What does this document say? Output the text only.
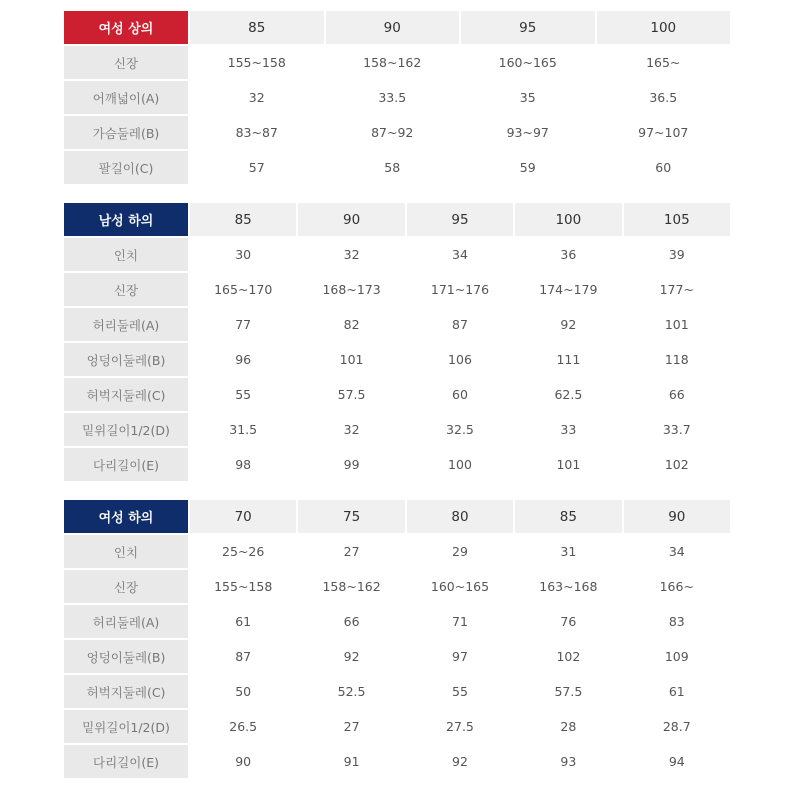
여성 상의	85	90	95	100
신장	155~158	158~162	160~165	165~
어깨넓이(A)	32	33.5	35	36.5
가슴둘레(B)	83~87	87~92	93~97	97~107
팔길이(C)	57	58	59	60
남성 하의	85	90	95	100	105
인치	30	32	34	36	39
신장	165~170	168~173	171~176	174~179	177~
허리둘레(A)	77	82	87	92	101
엉덩이둘레(B)	96	101	106	111	118
허벅지둘레(C)	55	57.5	60	62.5	66
밑위길이1/2(D)	31.5	32	32.5	33	33.7
다리길이(E)	98	99	100	101	102
여성 하의	70	75	80	85	90
인치	25~26	27	29	31	34
신장	155~158	158~162	160~165	163~168	166~
허리둘레(A)	61	66	71	76	83
엉덩이둘레(B)	87	92	97	102	109
허벅지둘레(C)	50	52.5	55	57.5	61
밑위길이1/2(D)	26.5	27	27.5	28	28.7
다리길이(E)	90	91	92	93	94
